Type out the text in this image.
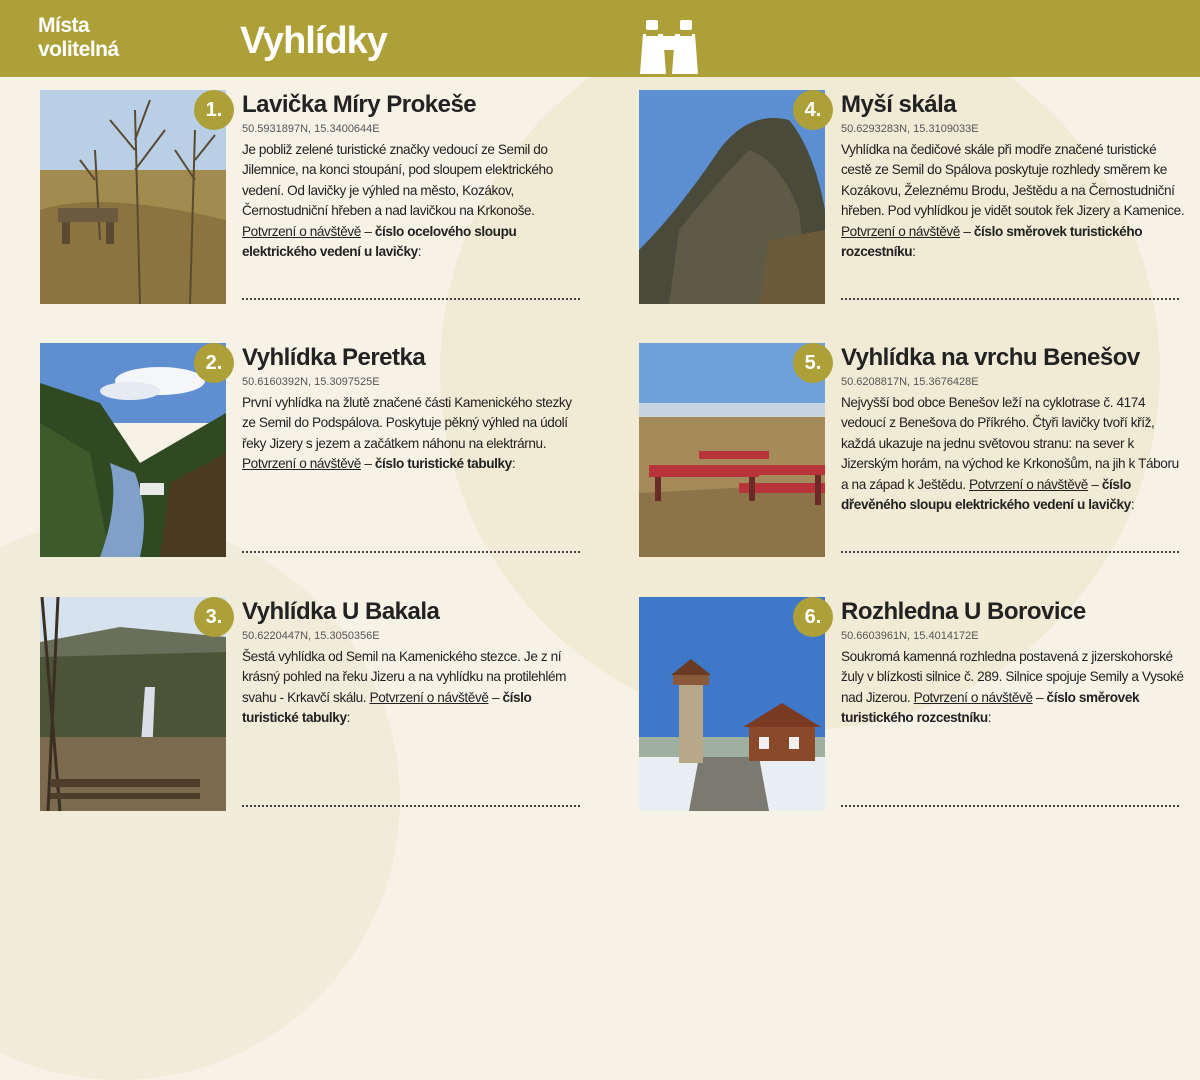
Místa
volitelná	Vyhlídky
1. Lavička Míry Prokeše
50.5931897N, 15.3400644E
Je pobliž zelené turistické značky vedoucí ze Semil do Jilemnice, na konci stoupání, pod sloupem elektrického vedení. Od lavičky je výhled na město, Kozákov, Černostudniční hřeben a nad lavičkou na Krkonoše. Potvrzení o návštěvě – číslo ocelového sloupu elektrického vedení u lavičky:
2. Vyhlídka Peretka
50.6160392N, 15.3097525E
První vyhlídka na žlutě značené části Kamenického stezky ze Semil do Podspálova. Poskytuje pěkný výhled na údolí řeky Jizery s jezem a začátkem náhonu na elektrárnu. Potvrzení o návštěvě – číslo turistické tabulky:
3. Vyhlídka U Bakala
50.6220447N, 15.3050356E
Šestá vyhlídka od Semil na Kamenického stezce. Je z ní krásný pohled na řeku Jizeru a na vyhlídku na protilehlém svahu - Krkavčí skálu. Potvrzení o návštěvě – číslo turistické tabulky:
4. Myší skála
50.6293283N, 15.3109033E
Vyhlídka na čedičové skále při modře značené turistické cestě ze Semil do Spálova poskytuje rozhledy směrem ke Kozákovu, Železnému Brodu, Ještědu a na Černostudniční hřeben. Pod vyhlídkou je vidět soutok řek Jizery a Kamenice. Potvrzení o návštěvě – číslo směrovek turistického rozcestníku:
5. Vyhlídka na vrchu Benešov
50.6208817N, 15.3676428E
Nejvyšší bod obce Benešov leží na cyklotrase č. 4174 vedoucí z Benešova do Příkrého. Čtyři lavičky tvoří kříž, každá ukazuje na jednu světovou stranu: na sever k Jizerským horám, na východ ke Krkonošům, na jih k Táboru a na západ k Ještědu. Potvrzení o návštěvě – číslo dřevěného sloupu elektrického vedení u lavičky:
6. Rozhledna U Borovice
50.6603961N, 15.4014172E
Soukromá kamenná rozhledna postavená z jizerskohorské žuly v blízkosti silnice č. 289. Silnice spojuje Semily a Vysoké nad Jizerou. Potvrzení o návštěvě – číslo směrovek turistického rozcestníku:
